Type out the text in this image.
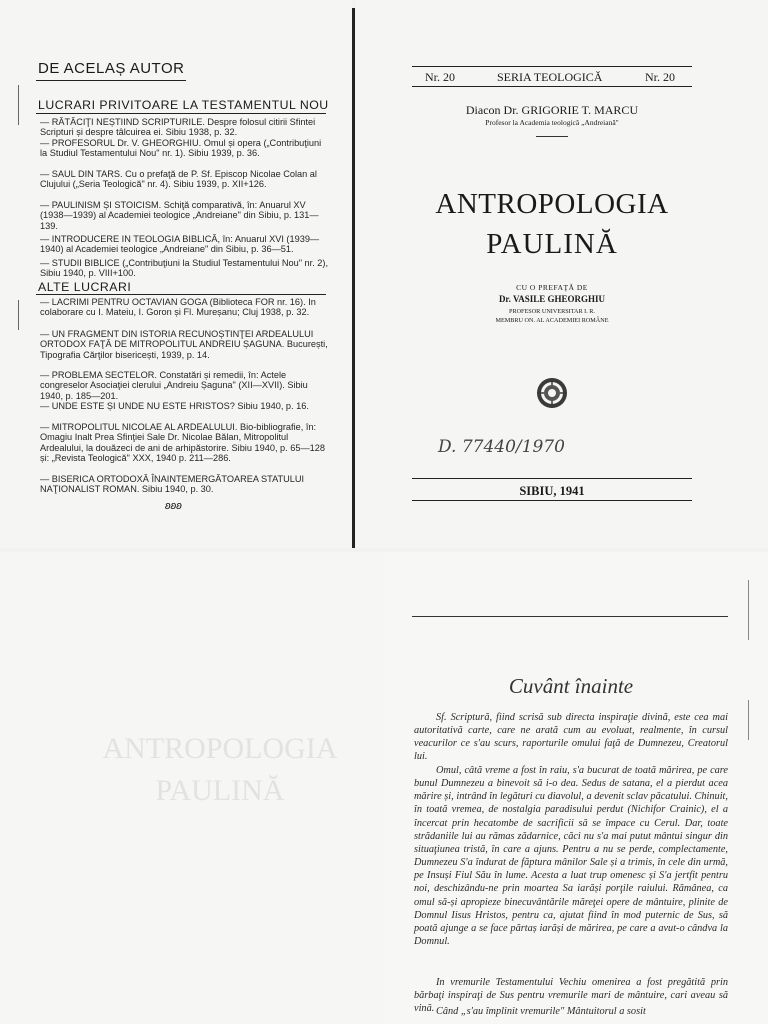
DE ACELAȘ AUTOR
LUCRARI PRIVITOARE LA TESTAMENTUL NOU
— RĂTĂCIŢI NEȘTIIND SCRIPTURILE. Despre folosul citirii Sfintei Scripturi și despre tâlcuirea ei. Sibiu 1938, p. 32.
— PROFESORUL Dr. V. GHEORGHIU. Omul și opera („Contribuţiuni la Studiul Testamentului Nou" nr. 1). Sibiu 1939, p. 36.
— SAUL DIN TARS. Cu o prefaţă de P. Sf. Episcop Nicolae Colan al Clujului („Seria Teologică" nr. 4). Sibiu 1939, p. XII+126.
— PAULINISM ȘI STOICISM. Schiţă comparativă, în: Anuarul XV (1938—1939) al Academiei teologice „Andreiane" din Sibiu, p. 131—139.
— INTRODUCERE IN TEOLOGIA BIBLICĂ, în: Anuarul XVI (1939—1940) al Academiei teologice „Andreiane" din Sibiu, p. 36—51.
— STUDII BIBLICE („Contribuţiuni la Studiul Testamentului Nou" nr. 2), Sibiu 1940, p. VIII+100.
ALTE LUCRARI
— LACRIMI PENTRU OCTAVIAN GOGA (Biblioteca FOR nr. 16). In colaborare cu I. Mateiu, I. Goron și Fl. Mureșanu; Cluj 1938, p. 32.
— UN FRAGMENT DIN ISTORIA RECUNOȘTINŢEI ARDEALULUI ORTODOX FAŢĂ DE MITROPOLITUL ANDREIU ȘAGUNA. București, Tipografia Cărţilor bisericești, 1939, p. 14.
— PROBLEMA SECTELOR. Constatări și remedii, în: Actele congreselor Asociaţiei clerului „Andreiu Șaguna" (XII—XVII). Sibiu 1940, p. 185—201.
— UNDE ESTE ȘI UNDE NU ESTE HRISTOS? Sibiu 1940, p. 16.
— MITROPOLITUL NICOLAE AL ARDEALULUI. Bio-bibliografie, în: Omagiu Inalt Prea Sfinţiei Sale Dr. Nicolae Bălan, Mitropolitul Ardealului, la douăzeci de ani de arhipăstorire. Sibiu 1940, p. 65—128 și: „Revista Teologică" XXX, 1940 p. 211—286.
— BISERICA ORTODOXĂ ÎNAINTEMERGĂTOAREA STATULUI NAŢIONALIST ROMAN. Sibiu 1940, p. 30.
ʚʚʚ
Nr. 20	SERIA TEOLOGICĂ	Nr. 20
Diacon Dr. GRIGORIE T. MARCU
Profesor la Academia teologică „Andreiană"
ANTROPOLOGIA
PAULINĂ
CU O PREFAŢĂ DE
Dr. VASILE GHEORGHIU
PROFESOR UNIVERSITAR I. R.
MEMBRU ON. AL ACADEMIEI ROMÂNE
D. 77440/1970
SIBIU, 1941
ANTROPOLOGIA
PAULINĂ
Cuvânt înainte
Sf. Scriptură, fiind scrisă sub directa inspiraţie divină, este cea mai autoritativă carte, care ne arată cum au evoluat, realmente, în cursul veacurilor ce s'au scurs, raporturile omului faţă de Dumnezeu, Creatorul lui.
Omul, câtă vreme a fost în raiu, s'a bucurat de toată mărirea, pe care bunul Dumnezeu a binevoit să i-o dea. Sedus de satana, el a pierdut acea mărire și, intrând în legături cu diavolul, a devenit sclav păcatului. Chinuit, în toată vremea, de nostalgia paradisului perdut (Nichifor Crainic), el a încercat prin hecatombe de sacrificii să se împace cu Cerul. Dar, toate strădaniile lui au rămas zădarnice, căci nu s'a mai putut mântui singur din situaţiunea tristă, în care a ajuns. Pentru a nu se perde, complectamente, Dumnezeu S'a îndurat de făptura mânilor Sale și a trimis, în cele din urmă, pe Insuși Fiul Său în lume. Acesta a luat trup omenesc și S'a jertfit pentru noi, deschizându-ne prin moartea Sa iarăși porţile raiului. Rămânea, ca omul să-și apropieze binecuvântările măreţei opere de mântuire, plinite de Domnul Iisus Hristos, pentru ca, ajutat fiind în mod puternic de Sus, să poată ajunge a se face părtaș iarăși de mărirea, pe care a avut-o cândva la Domnul.
In vremurile Testamentului Vechiu omenirea a fost pregătită prin bărbaţi inspiraţi de Sus pentru vremurile mari de mântuire, cari aveau să vină. Când „s'au împlinit vremurile" Mântuitorul a sosit
